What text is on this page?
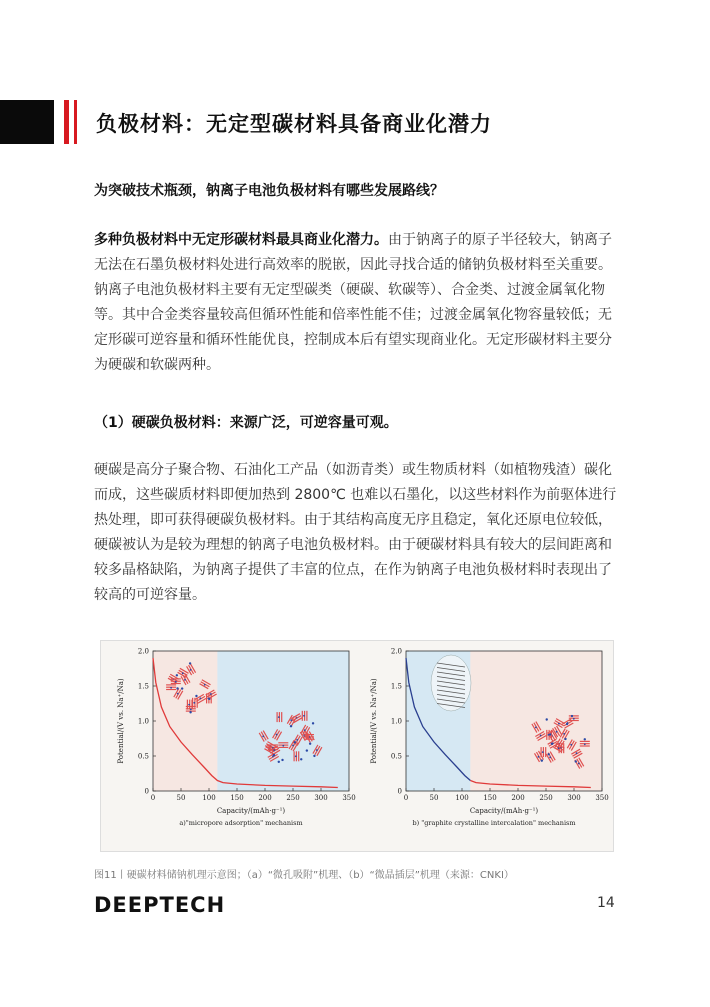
负极材料：无定型碳材料具备商业化潜力
为突破技术瓶颈，钠离子电池负极材料有哪些发展路线？

多种负极材料中无定形碳材料最具商业化潜力。由于钠离子的原子半径较大，钠离子无法在石墨负极材料处进行高效率的脱嵌，因此寻找合适的储钠负极材料至关重要。钠离子电池负极材料主要有无定型碳类（硬碳、软碳等）、合金类、过渡金属氧化物等。其中合金类容量较高但循环性能和倍率性能不佳；过渡金属氧化物容量较低；无定形碳可逆容量和循环性能优良，控制成本后有望实现商业化。无定形碳材料主要分为硬碳和软碳两种。

（1）硬碳负极材料：来源广泛，可逆容量可观。

硬碳是高分子聚合物、石油化工产品（如沥青类）或生物质材料（如植物残渣）碳化而成，这些碳质材料即便加热到 2800℃ 也难以石墨化，以这些材料作为前驱体进行热处理，即可获得硬碳负极材料。由于其结构高度无序且稳定，氧化还原电位较低，硬碳被认为是较为理想的钠离子电池负极材料。由于硬碳材料具有较大的层间距离和较多晶格缺陷，为钠离子提供了丰富的位点，在作为钠离子电池负极材料时表现出了较高的可逆容量。

0	50 100 150 200 250 300 350
0
0.5
1.0
1.5
2.0
Capacity/(mAh·g⁻¹)
Potential/(V vs. Na⁺/Na)
a)"micropore adsorption" mechanism
0	50 100 150 200 250 300 350
0
0.5
1.0
1.5
2.0
Capacity/(mAh·g⁻¹)
Potential/(V vs. Na⁺/Na)
b) "graphite crystalline intercalation" mechanism
图11丨硬碳材料储钠机理示意图；（a）“微孔吸附”机理、（b）“微晶插层”机理（来源：CNKI）
DEEPTECH	14
